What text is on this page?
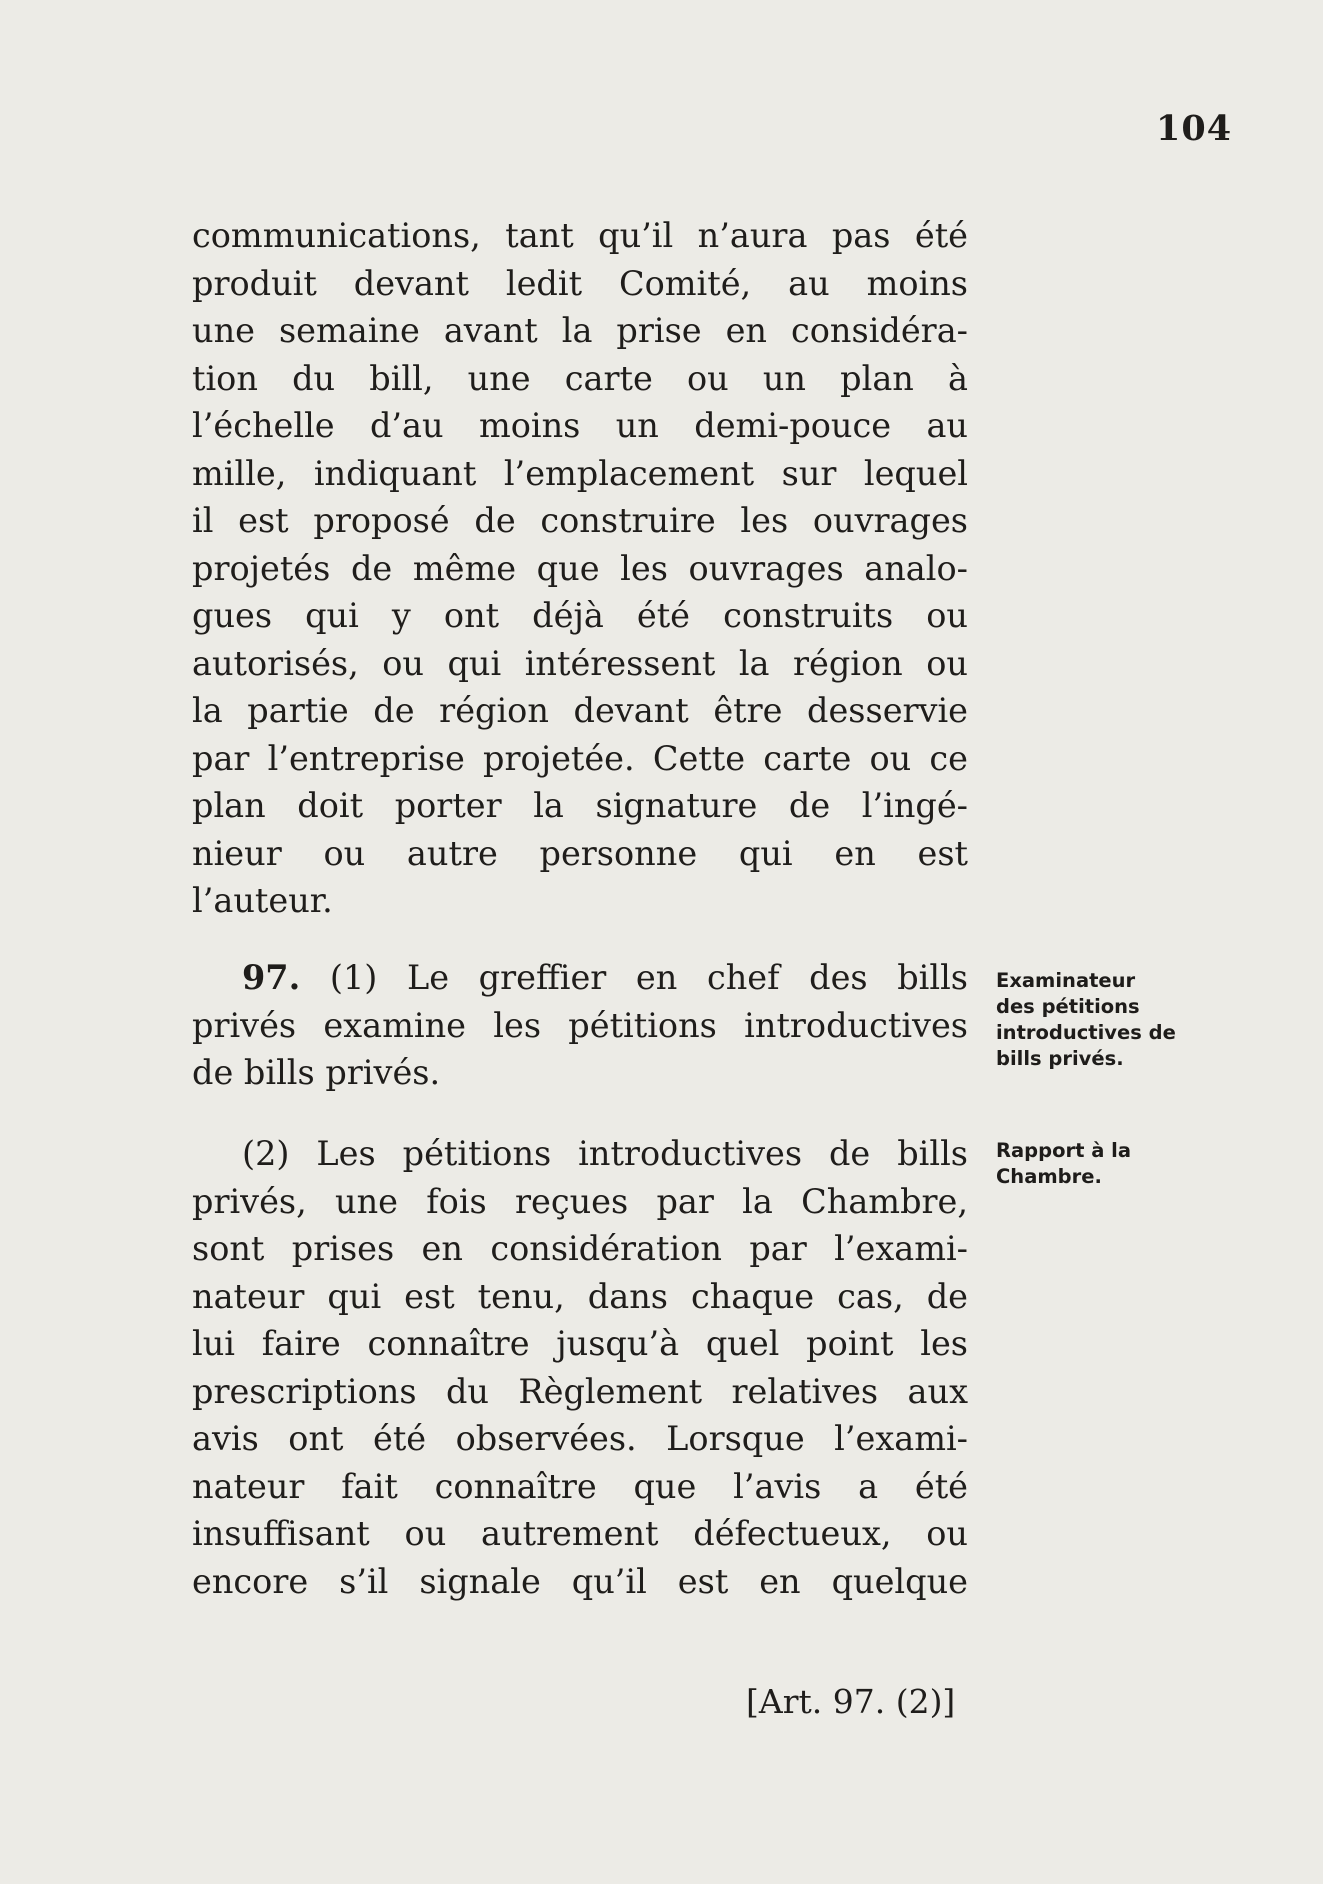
104
communications, tant qu’il n’aura pas été
produit devant ledit Comité, au moins
une semaine avant la prise en considéra-
tion du bill, une carte ou un plan à
l’échelle d’au moins un demi-pouce au
mille, indiquant l’emplacement sur lequel
il est proposé de construire les ouvrages
projetés de même que les ouvrages analo-
gues qui y ont déjà été construits ou
autorisés, ou qui intéressent la région ou
la partie de région devant être desservie
par l’entreprise projetée. Cette carte ou ce
plan doit porter la signature de l’ingé-
nieur ou autre personne qui en est
l’auteur.
97. (1) Le greffier en chef des bills
privés examine les pétitions introductives
de bills privés.
Examinateur
des pétitions
introductives de
bills privés.
(2) Les pétitions introductives de bills
privés, une fois reçues par la Chambre,
sont prises en considération par l’exami-
nateur qui est tenu, dans chaque cas, de
lui faire connaître jusqu’à quel point les
prescriptions du Règlement relatives aux
avis ont été observées. Lorsque l’exami-
nateur fait connaître que l’avis a été
insuffisant ou autrement défectueux, ou
encore s’il signale qu’il est en quelque
Rapport à la
Chambre.
[Art. 97. (2)]
